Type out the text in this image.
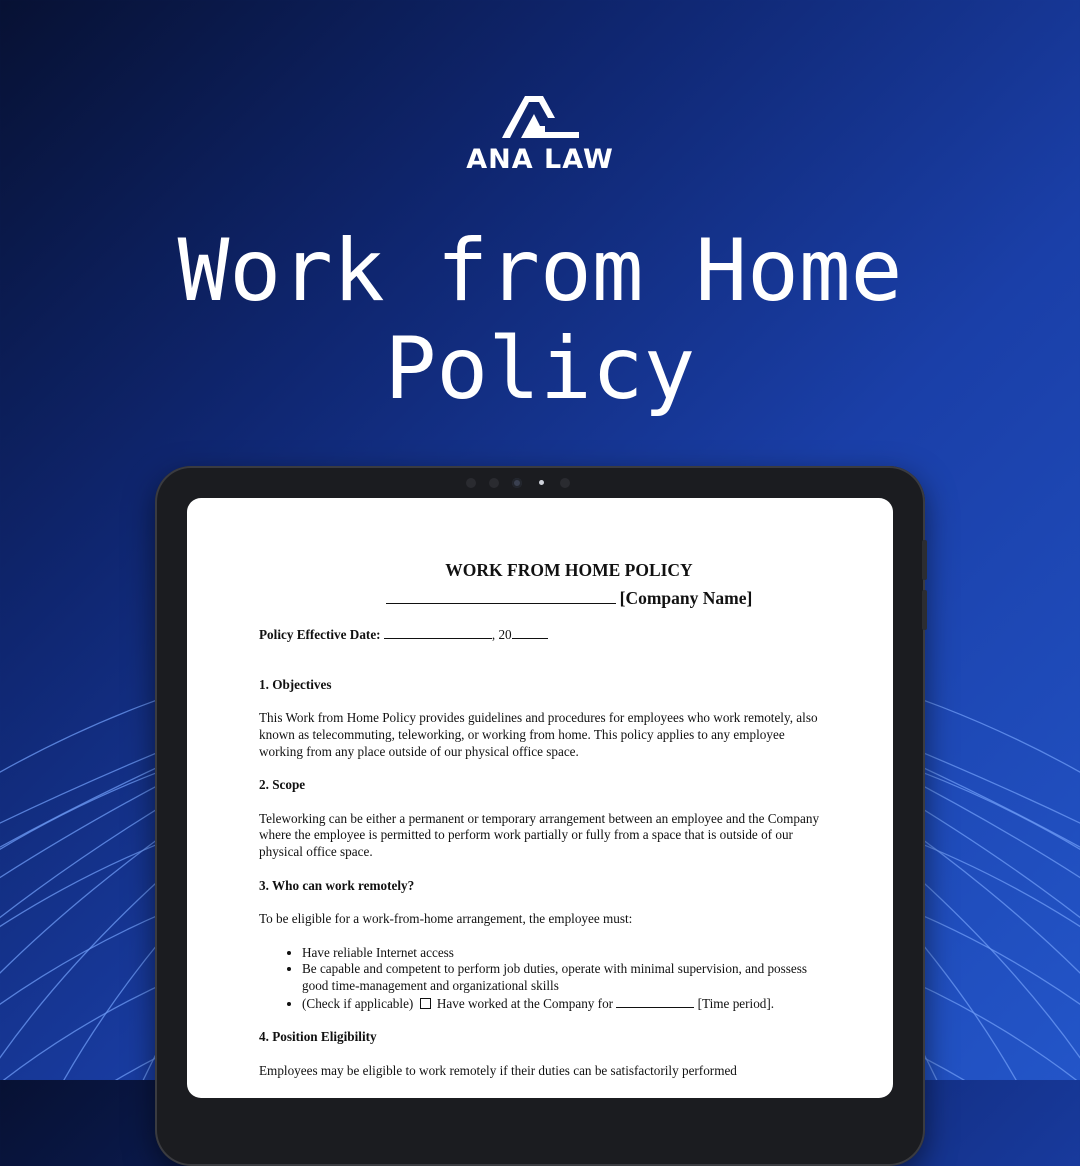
ANA LAW
Work from Home
Policy
WORK FROM HOME POLICY
[Company Name]
Policy Effective Date:	, 20
1. Objectives
This Work from Home Policy provides guidelines and procedures for employees who work remotely, also known as telecommuting, teleworking, or working from home. This policy applies to any employee working from any place outside of our physical office space.
2. Scope
Teleworking can be either a permanent or temporary arrangement between an employee and the Company where the employee is permitted to perform work partially or fully from a space that is outside of our physical office space.
3. Who can work remotely?
To be eligible for a work-from-home arrangement, the employee must:
• Have reliable Internet access
• Be capable and competent to perform job duties, operate with minimal supervision, and possess good time-management and organizational skills
• (Check if applicable) Have worked at the Company for	[Time period].
4. Position Eligibility
Employees may be eligible to work remotely if their duties can be satisfactorily performed
